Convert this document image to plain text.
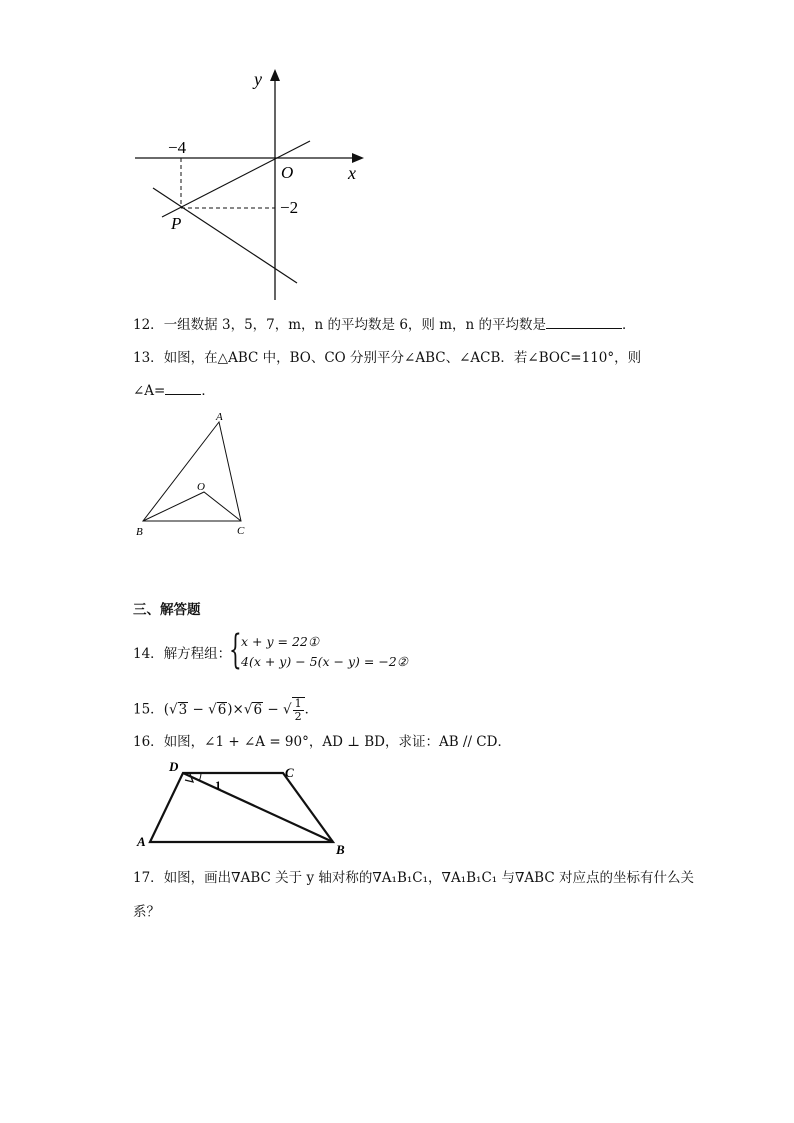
y
x
O
−4
−2
P
12．一组数据 3，5，7，m，n 的平均数是 6，则 m，n 的平均数是	．
13．如图，在△ABC 中，BO、CO 分别平分∠ABC、∠ACB．若∠BOC=110°，则
∠A=	．
A
B	C
O
三、解答题
14．解方程组：
{ x + y = 22①
4(x + y) − 5(x − y) = −2②
15．(√3 − √6)×√6 − √ $\frac{1}{2}$ ．
16．如图，∠1 + ∠A = 90°，AD ⊥ BD，求证：AB // CD．
D	C
A
B
1
17．如图，画出∇ABC 关于 y 轴对称的∇A₁B₁C₁，∇A₁B₁C₁ 与∇ABC 对应点的坐标有什么关
系？
